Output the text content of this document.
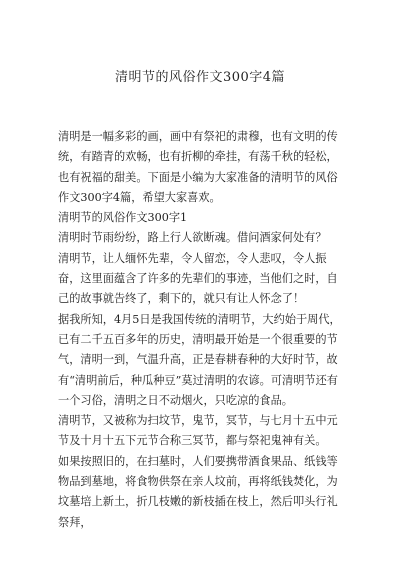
清明节的风俗作文300字4篇

清明是一幅多彩的画，画中有祭祀的肃穆，也有文明的传统，有踏青的欢畅，也有折柳的牵挂，有荡千秋的轻松，也有祝福的甜美。下面是小编为大家准备的清明节的风俗作文300字4篇，希望大家喜欢。

清明节的风俗作文300字1

清明时节雨纷纷，路上行人欲断魂。借问酒家何处有？

清明节，让人缅怀先辈，令人留恋，令人悲叹，令人振奋，这里面蕴含了许多的先辈们的事迹，当他们之时，自己的故事就告终了，剩下的，就只有让人怀念了！

据我所知，4月5日是我国传统的清明节，大约始于周代，已有二千五百多年的历史，清明最开始是一个很重要的节气，清明一到，气温升高，正是春耕春种的大好时节，故有“清明前后，种瓜种豆”莫过清明的农谚。可清明节还有一个习俗，清明之日不动烟火，只吃凉的食品。

清明节，又被称为扫坟节，鬼节，冥节，与七月十五中元节及十月十五下元节合称三冥节，都与祭祀鬼神有关。

如果按照旧的，在扫墓时，人们要携带酒食果品、纸钱等物品到墓地，将食物供祭在亲人坟前，再将纸钱焚化，为坟墓培上新土，折几枝嫩的新枝插在枝上，然后叩头行礼祭拜，
